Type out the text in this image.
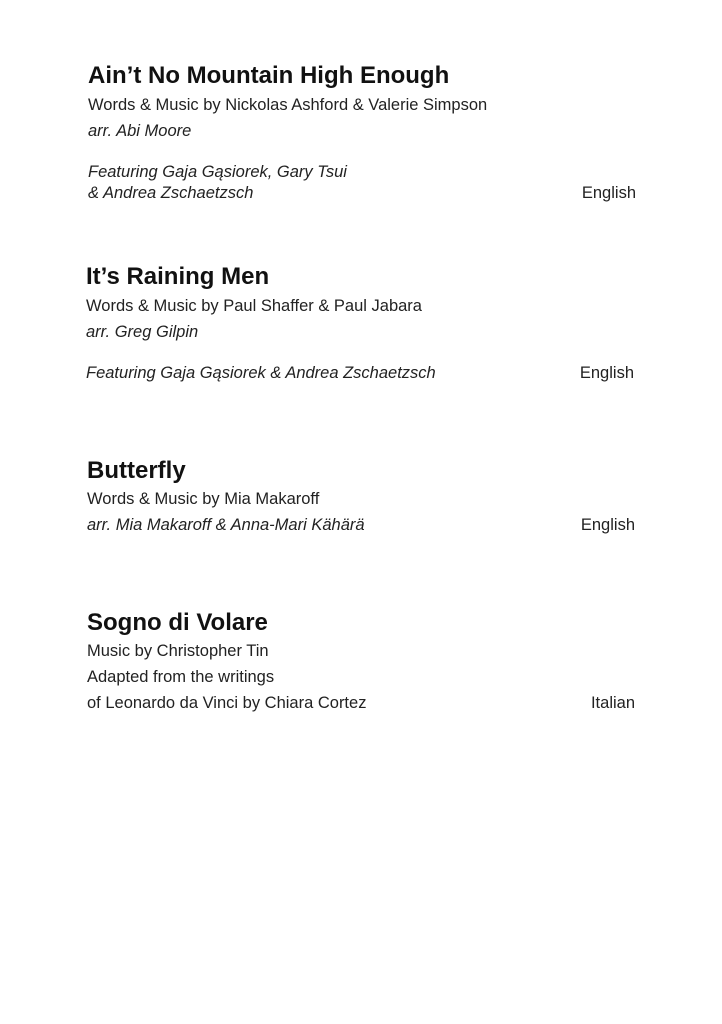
Ain’t No Mountain High Enough
Words & Music by Nickolas Ashford & Valerie Simpson
arr. Abi Moore
Featuring Gaja Gąsiorek, Gary Tsui
& Andrea Zschaetzsch	English
It’s Raining Men
Words & Music by Paul Shaffer & Paul Jabara
arr. Greg Gilpin
Featuring Gaja Gąsiorek & Andrea Zschaetzsch	English
Butterfly
Words & Music by Mia Makaroff
arr. Mia Makaroff & Anna-Mari Kähärä	English
Sogno di Volare
Music by Christopher Tin
Adapted from the writings
of Leonardo da Vinci by Chiara Cortez	Italian
